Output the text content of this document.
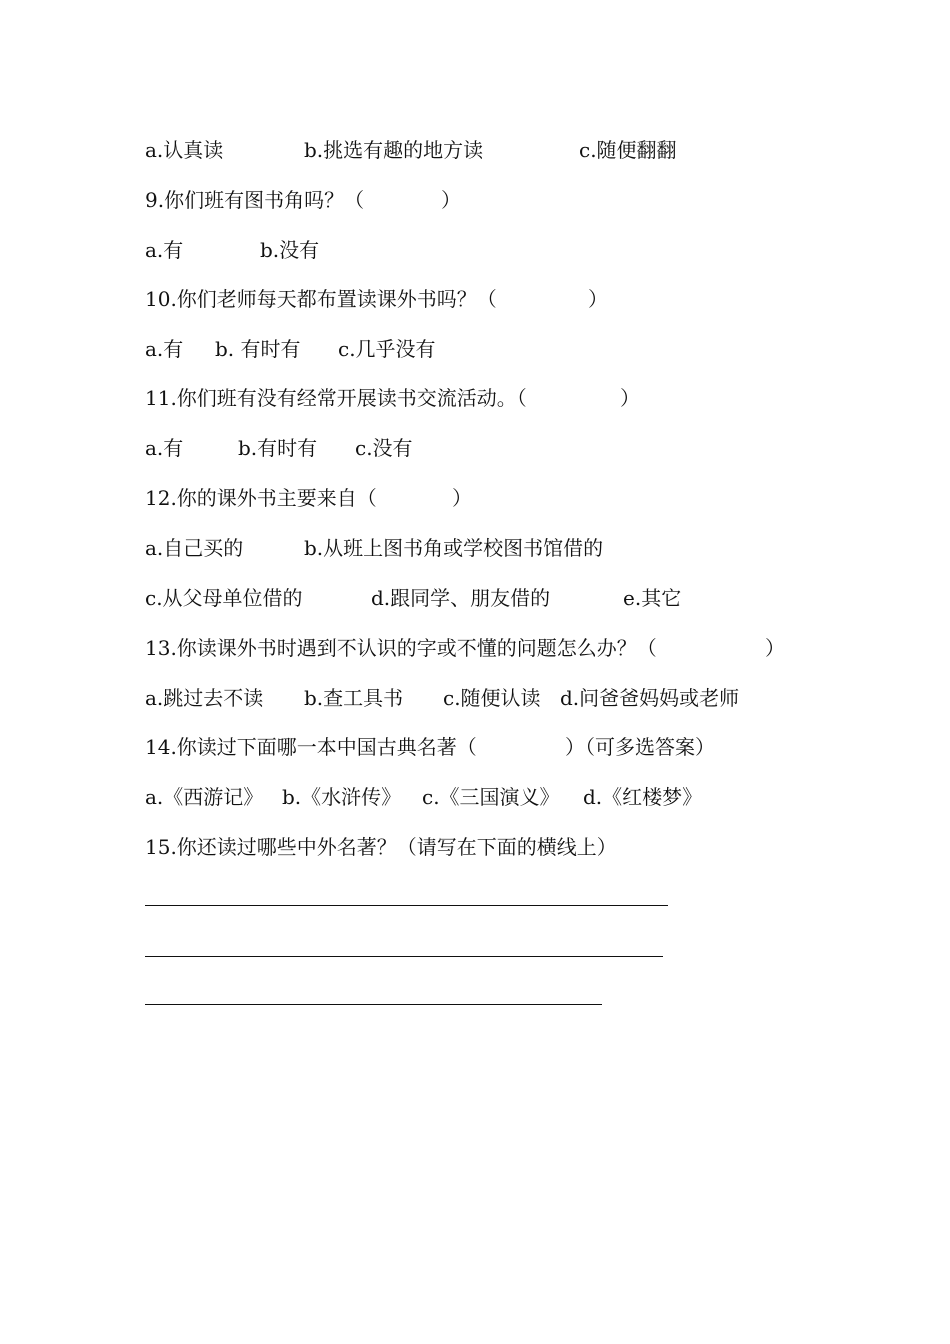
a.认真读	b.挑选有趣的地方读	c.随便翻翻
9.你们班有图书角吗？（	）
a.有	b.没有
10.你们老师每天都布置读课外书吗？（	）
a.有 b. 有时有 c.几乎没有
11.你们班有没有经常开展读书交流活动。（	）
a.有	b.有时有 c.没有
12.你的课外书主要来自（	）
a.自己买的	b.从班上图书角或学校图书馆借的
c.从父母单位借的	d.跟同学、朋友借的	e.其它
13.你读课外书时遇到不认识的字或不懂的问题怎么办？（	）
a.跳过去不读 b.查工具书 c.随便认读 d.问爸爸妈妈或老师
14.你读过下面哪一本中国古典名著（	）（可多选答案）
a.《西游记》 b.《水浒传》 c.《三国演义》 d.《红楼梦》
15.你还读过哪些中外名著？（请写在下面的横线上）
